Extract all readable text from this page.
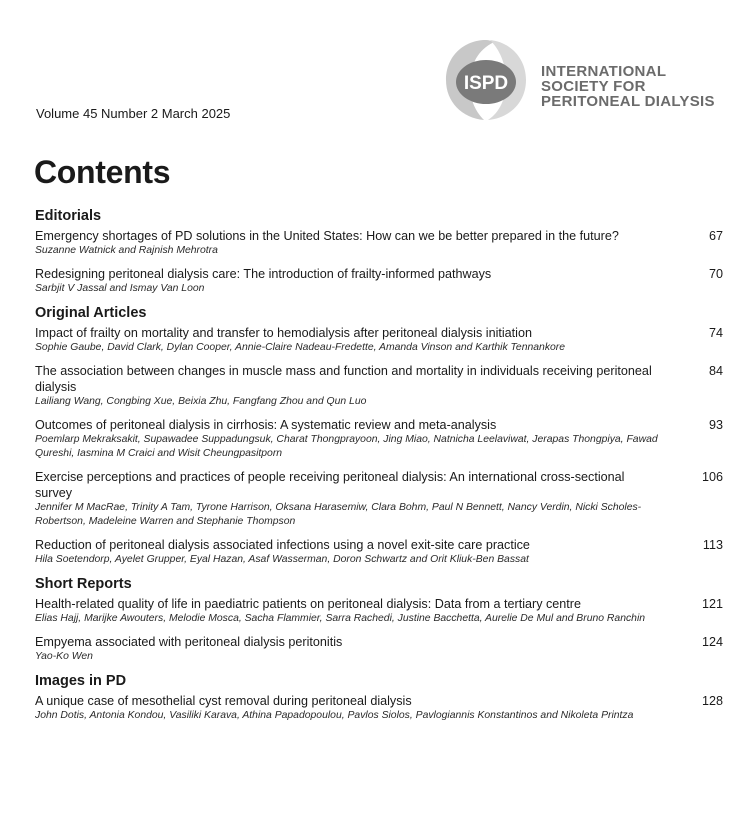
Volume 45 Number 2 March 2025
ISPD
INTERNATIONAL
SOCIETY FOR
PERITONEAL DIALYSIS
Contents
Editorials
Emergency shortages of PD solutions in the United States: How can we be better prepared in the future?
Suzanne Watnick and Rajnish Mehrotra
67
Redesigning peritoneal dialysis care: The introduction of frailty-informed pathways
Sarbjit V Jassal and Ismay Van Loon
70
Original Articles
Impact of frailty on mortality and transfer to hemodialysis after peritoneal dialysis initiation
Sophie Gaube, David Clark, Dylan Cooper, Annie-Claire Nadeau-Fredette, Amanda Vinson and Karthik Tennankore
74
The association between changes in muscle mass and function and mortality in individuals receiving peritoneal dialysis
Lailiang Wang, Congbing Xue, Beixia Zhu, Fangfang Zhou and Qun Luo
84
Outcomes of peritoneal dialysis in cirrhosis: A systematic review and meta-analysis
Poemlarp Mekraksakit, Supawadee Suppadungsuk, Charat Thongprayoon, Jing Miao, Natnicha Leelaviwat, Jerapas Thongpiya, Fawad Qureshi, Iasmina M Craici and Wisit Cheungpasitporn
93
Exercise perceptions and practices of people receiving peritoneal dialysis: An international cross-sectional survey
Jennifer M MacRae, Trinity A Tam, Tyrone Harrison, Oksana Harasemiw, Clara Bohm, Paul N Bennett, Nancy Verdin, Nicki Scholes-Robertson, Madeleine Warren and Stephanie Thompson
106
Reduction of peritoneal dialysis associated infections using a novel exit-site care practice
Hila Soetendorp, Ayelet Grupper, Eyal Hazan, Asaf Wasserman, Doron Schwartz and Orit Kliuk-Ben Bassat
113
Short Reports
Health-related quality of life in paediatric patients on peritoneal dialysis: Data from a tertiary centre
Elias Hajj, Marijke Awouters, Melodie Mosca, Sacha Flammier, Sarra Rachedi, Justine Bacchetta, Aurelie De Mul and Bruno Ranchin
121
Empyema associated with peritoneal dialysis peritonitis
Yao-Ko Wen
124
Images in PD
A unique case of mesothelial cyst removal during peritoneal dialysis
John Dotis, Antonia Kondou, Vasiliki Karava, Athina Papadopoulou, Pavlos Siolos, Pavlogiannis Konstantinos and Nikoleta Printza
128
